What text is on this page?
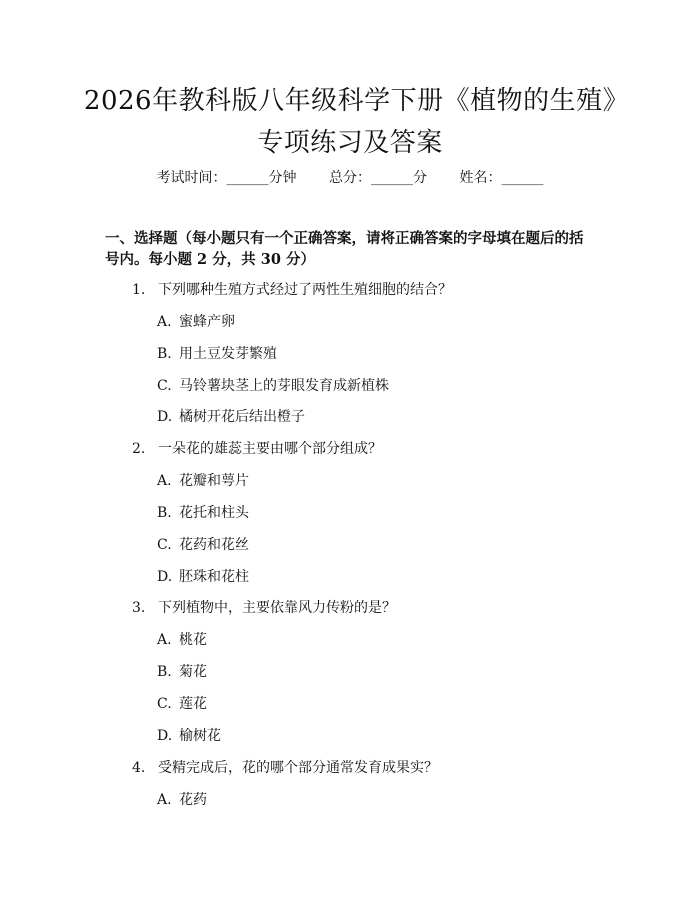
2026年教科版八年级科学下册《植物的生殖》专项练习及答案
考试时间：______分钟 总分：______分 姓名：______
一、选择题（每小题只有一个正确答案，请将正确答案的字母填在题后的括号内。每小题 2 分，共 30 分）
1. 下列哪种生殖方式经过了两性生殖细胞的结合？
A. 蜜蜂产卵
B. 用土豆发芽繁殖
C. 马铃薯块茎上的芽眼发育成新植株
D. 橘树开花后结出橙子
2. 一朵花的雄蕊主要由哪个部分组成？
A. 花瓣和萼片
B. 花托和柱头
C. 花药和花丝
D. 胚珠和花柱
3. 下列植物中，主要依靠风力传粉的是？
A. 桃花
B. 菊花
C. 莲花
D. 榆树花
4. 受精完成后，花的哪个部分通常发育成果实？
A. 花药
